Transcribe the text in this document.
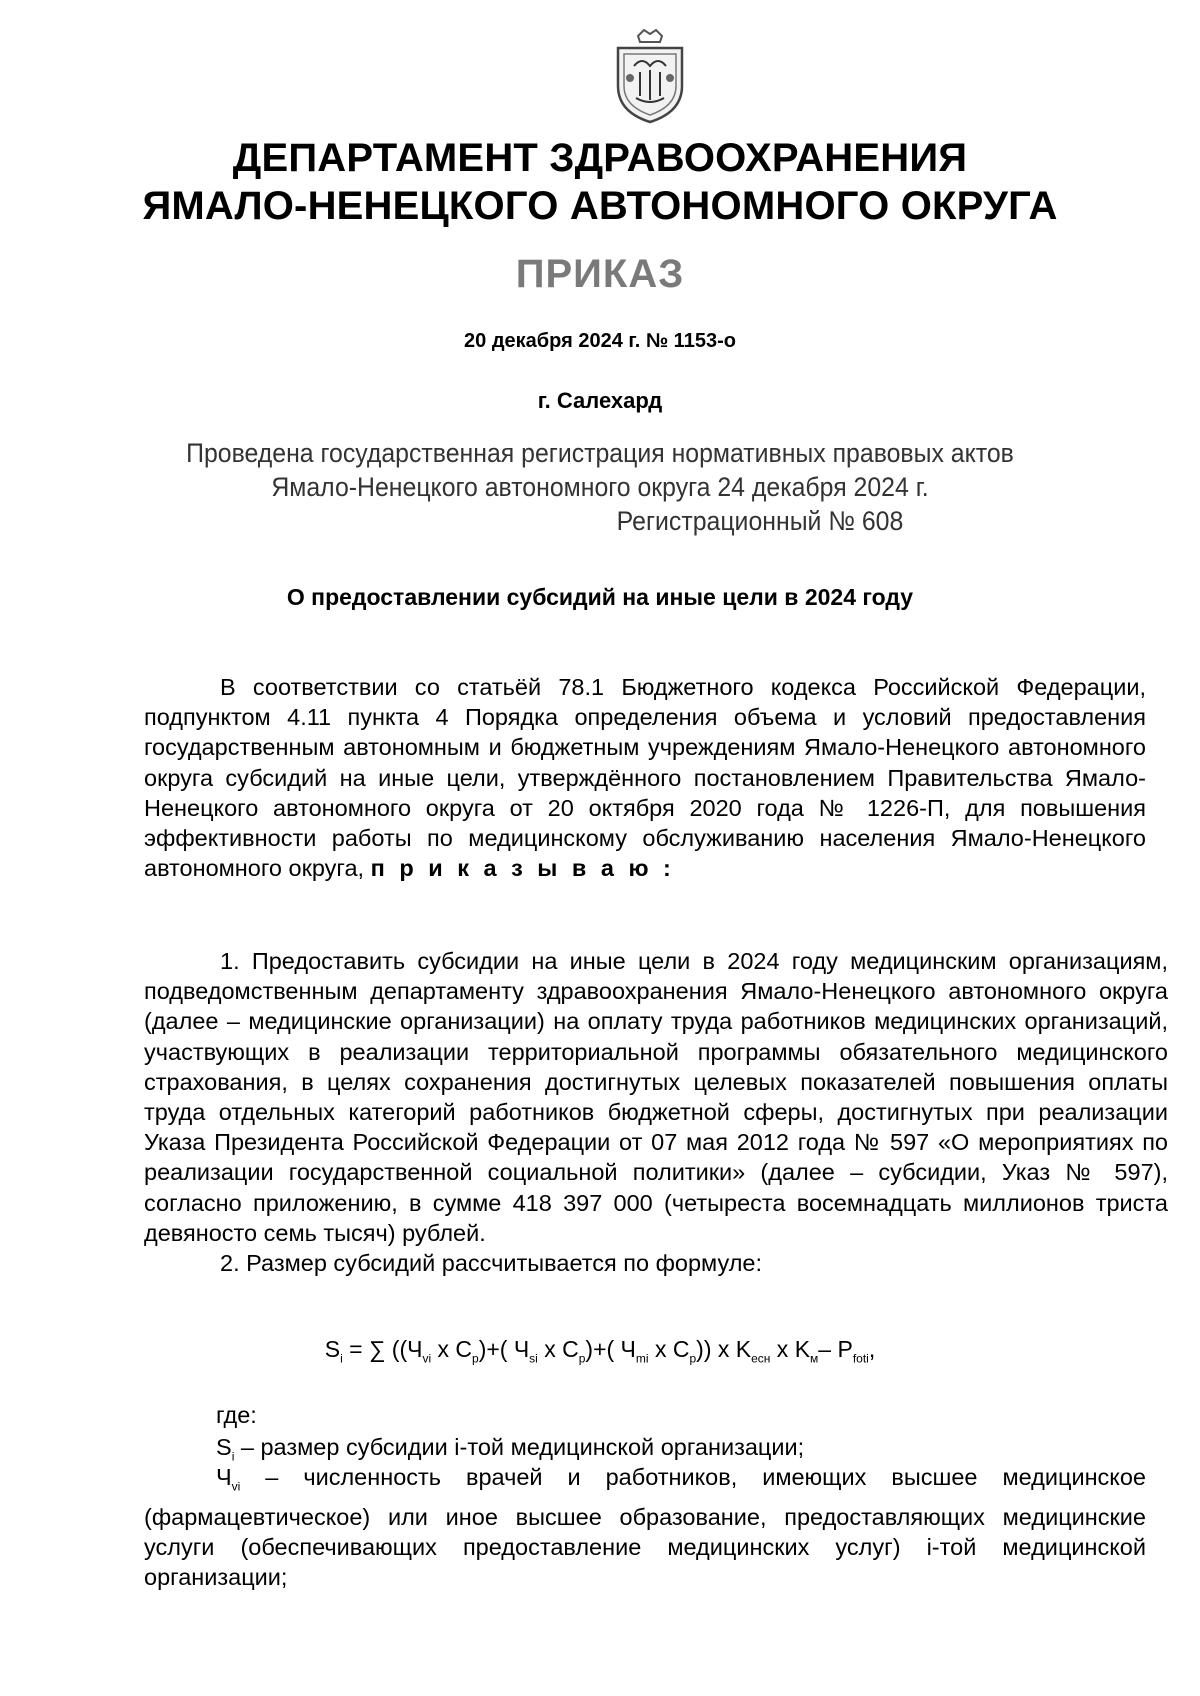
ДЕПАРТАМЕНТ ЗДРАВООХРАНЕНИЯ
ЯМАЛО-НЕНЕЦКОГО АВТОНОМНОГО ОКРУГА
ПРИКАЗ
20 декабря 2024 г. № 1153-о
г. Салехард
Проведена государственная регистрация нормативных правовых актов
Ямало-Ненецкого автономного округа 24 декабря 2024 г.
Регистрационный № 608
О предоставлении субсидий на иные цели в 2024 году

В соответствии со статьёй 78.1 Бюджетного кодекса Российской Федерации, подпунктом 4.11 пункта 4 Порядка определения объема и условий предоставления государственным автономным и бюджетным учреждениям Ямало-Ненецкого автономного округа субсидий на иные цели, утверждённого постановлением Правительства Ямало-Ненецкого автономного округа от 20 октября 2020 года № 1226-П, для повышения эффективности работы по медицинскому обслуживанию населения Ямало-Ненецкого автономного округа, п р и к а з ы в а ю :

1. Предоставить субсидии на иные цели в 2024 году медицинским организациям, подведомственным департаменту здравоохранения Ямало-Ненецкого автономного округа (далее – медицинские организации) на оплату труда работников медицинских организаций, участвующих в реализации территориальной программы обязательного медицинского страхования, в целях сохранения достигнутых целевых показателей повышения оплаты труда отдельных категорий работников бюджетной сферы, достигнутых при реализации Указа Президента Российской Федерации от 07 мая 2012 года № 597 «О мероприятиях по реализации государственной социальной политики» (далее – субсидии, Указ № 597), согласно приложению, в сумме 418 397 000 (четыреста восемнадцать миллионов триста девяносто семь тысяч) рублей.

2. Размер субсидий рассчитывается по формуле:

$S_i$ = ∑ (($Ч_{vi}$ x $C_p)+$( $Ч_{si}$ x $C_p)+$( $Ч_{mi}$ x $C_p$)) x $K_{есн}$ x $K_м-$ $P_{foti}$,
где:
$S_i$ – размер субсидии i-той медицинской организации;
$Ч_{vi}$ – численность врачей и работников, имеющих высшее медицинское (фармацевтическое) или иное высшее образование, предоставляющих медицинские услуги (обеспечивающих предоставление медицинских услуг) i-той медицинской организации;
